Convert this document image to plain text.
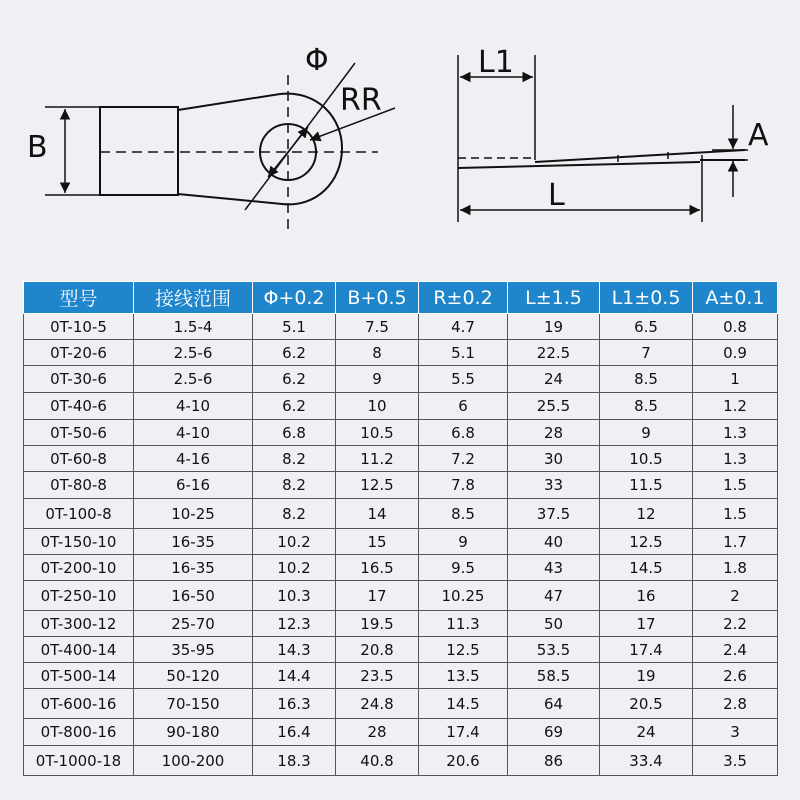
B
Φ
RR
L1
A
L
型号	接线范围	Φ+0.2	B+0.5	R±0.2	L±1.5	L1±0.5	A±0.1
0T-10-5	1.5-4	5.1	7.5	4.7	19	6.5	0.8
0T-20-6	2.5-6	6.2	8	5.1	22.5	7	0.9
0T-30-6	2.5-6	6.2	9	5.5	24	8.5	1
0T-40-6	4-10	6.2	10	6	25.5	8.5	1.2
0T-50-6	4-10	6.8	10.5	6.8	28	9	1.3
0T-60-8	4-16	8.2	11.2	7.2	30	10.5	1.3
0T-80-8	6-16	8.2	12.5	7.8	33	11.5	1.5
0T-100-8	10-25	8.2	14	8.5	37.5	12	1.5
0T-150-10	16-35	10.2	15	9	40	12.5	1.7
0T-200-10	16-35	10.2	16.5	9.5	43	14.5	1.8
0T-250-10	16-50	10.3	17	10.25	47	16	2
0T-300-12	25-70	12.3	19.5	11.3	50	17	2.2
0T-400-14	35-95	14.3	20.8	12.5	53.5	17.4	2.4
0T-500-14	50-120	14.4	23.5	13.5	58.5	19	2.6
0T-600-16	70-150	16.3	24.8	14.5	64	20.5	2.8
0T-800-16	90-180	16.4	28	17.4	69	24	3
0T-1000-18	100-200	18.3	40.8	20.6	86	33.4	3.5
